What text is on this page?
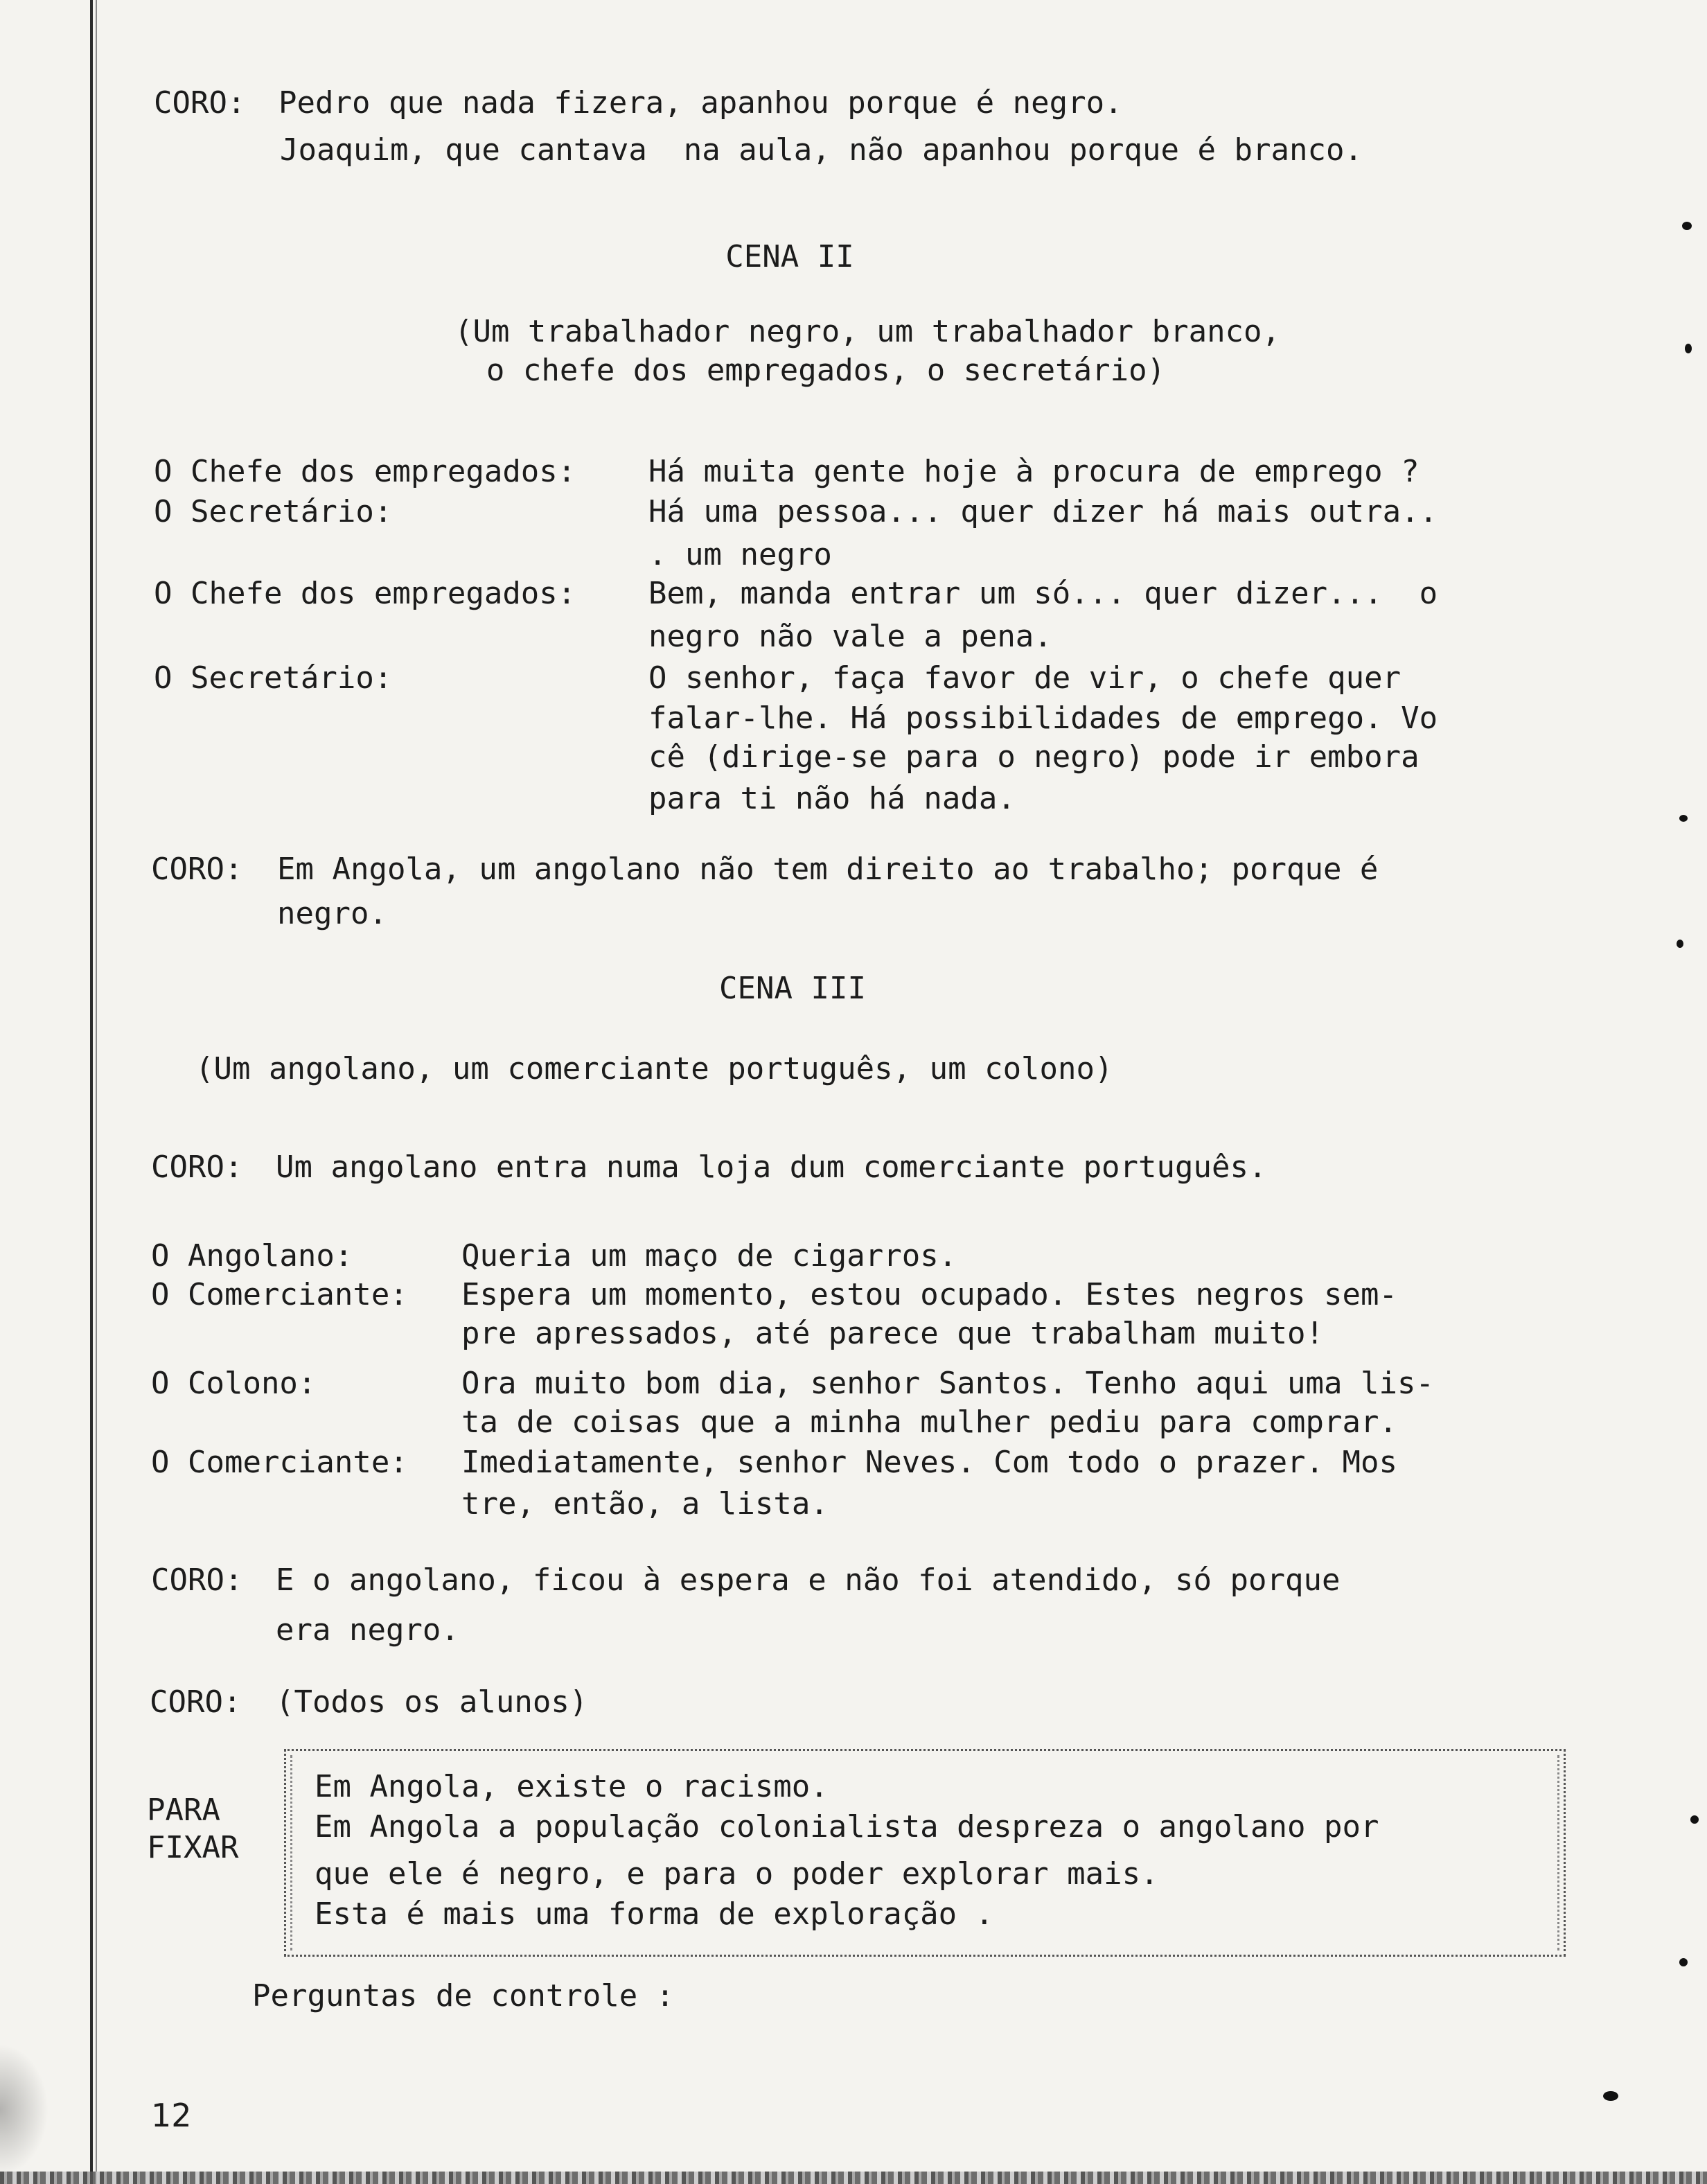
CORO: Pedro que nada fizera, apanhou porque é negro.
Joaquim, que cantava  na aula, não apanhou porque é branco.
CENA II
(Um trabalhador negro, um trabalhador branco,
o chefe dos empregados, o secretário)
O Chefe dos empregados: Há muita gente hoje à procura de emprego ?
O Secretário:	Há uma pessoa... quer dizer há mais outra..
. um negro
O Chefe dos empregados: Bem, manda entrar um só... quer dizer...  o
negro não vale a pena.
O Secretário:	O senhor, faça favor de vir, o chefe quer
falar-lhe. Há possibilidades de emprego. Vo
cê (dirige-se para o negro) pode ir embora
para ti não há nada.
CORO: Em Angola, um angolano não tem direito ao trabalho; porque é
negro.
CENA III
(Um angolano, um comerciante português, um colono)
CORO: Um angolano entra numa loja dum comerciante português.
O Angolano:	Queria um maço de cigarros.
O Comerciante: Espera um momento, estou ocupado. Estes negros sem-
pre apressados, até parece que trabalham muito!
O Colono:	Ora muito bom dia, senhor Santos. Tenho aqui uma lis-
ta de coisas que a minha mulher pediu para comprar.
O Comerciante: Imediatamente, senhor Neves. Com todo o prazer. Mos
tre, então, a lista.
CORO: E o angolano, ficou à espera e não foi atendido, só porque
era negro.
CORO: (Todos os alunos)
PARA
FIXAR
Em Angola, existe o racismo.
Em Angola a população colonialista despreza o angolano por
que ele é negro, e para o poder explorar mais.
Esta é mais uma forma de exploração .
Perguntas de controle :
12
